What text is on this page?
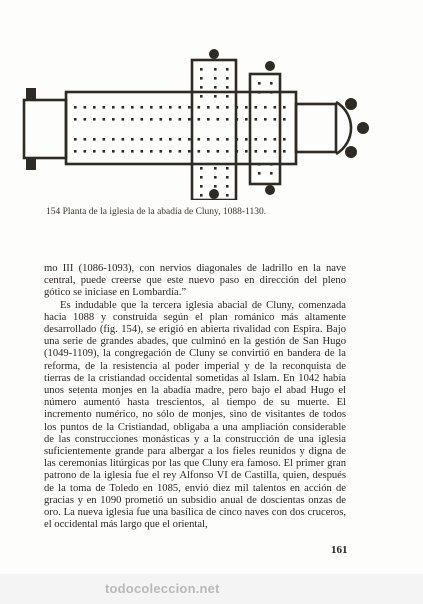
154 Planta de la iglesia de la abadía de Cluny, 1088-1130.

mo III (1086-1093), con nervios diagonales de ladrillo en la nave central, puede creerse que este nuevo paso en dirección del pleno gótico se iniciase en Lombardía.”

Es indudable que la tercera iglesia abacial de Cluny, comenzada hacia 1088 y construida según el plan románico más altamente desarrollado (fig. 154), se erigió en abierta rivalidad con Espira. Bajo una serie de grandes abades, que culminó en la gestión de San Hugo (1049-1109), la congregación de Cluny se convirtió en bandera de la reforma, de la resistencia al poder imperial y de la reconquista de tierras de la cristiandad occidental sometidas al Islam. En 1042 había unos setenta monjes en la abadía madre, pero bajo el abad Hugo el número aumentó hasta trescientos, al tiempo de su muerte. El incremento numérico, no sólo de monjes, sino de visitantes de todos los puntos de la Cristiandad, obligaba a una ampliación considerable de las construcciones monásticas y a la construcción de una iglesia suficientemente grande para albergar a los fieles reunidos y digna de las ceremonias litúrgicas por las que Cluny era famoso. El primer gran patrono de la iglesia fue el rey Alfonso VI de Castilla, quien, después de la toma de Toledo en 1085, envió diez mil talentos en acción de gracias y en 1090 prometió un subsidio anual de doscientas onzas de oro. La nueva iglesia fue una basílica de cinco naves con dos cruceros, el occidental más largo que el oriental,

161
todocoleccion.net
